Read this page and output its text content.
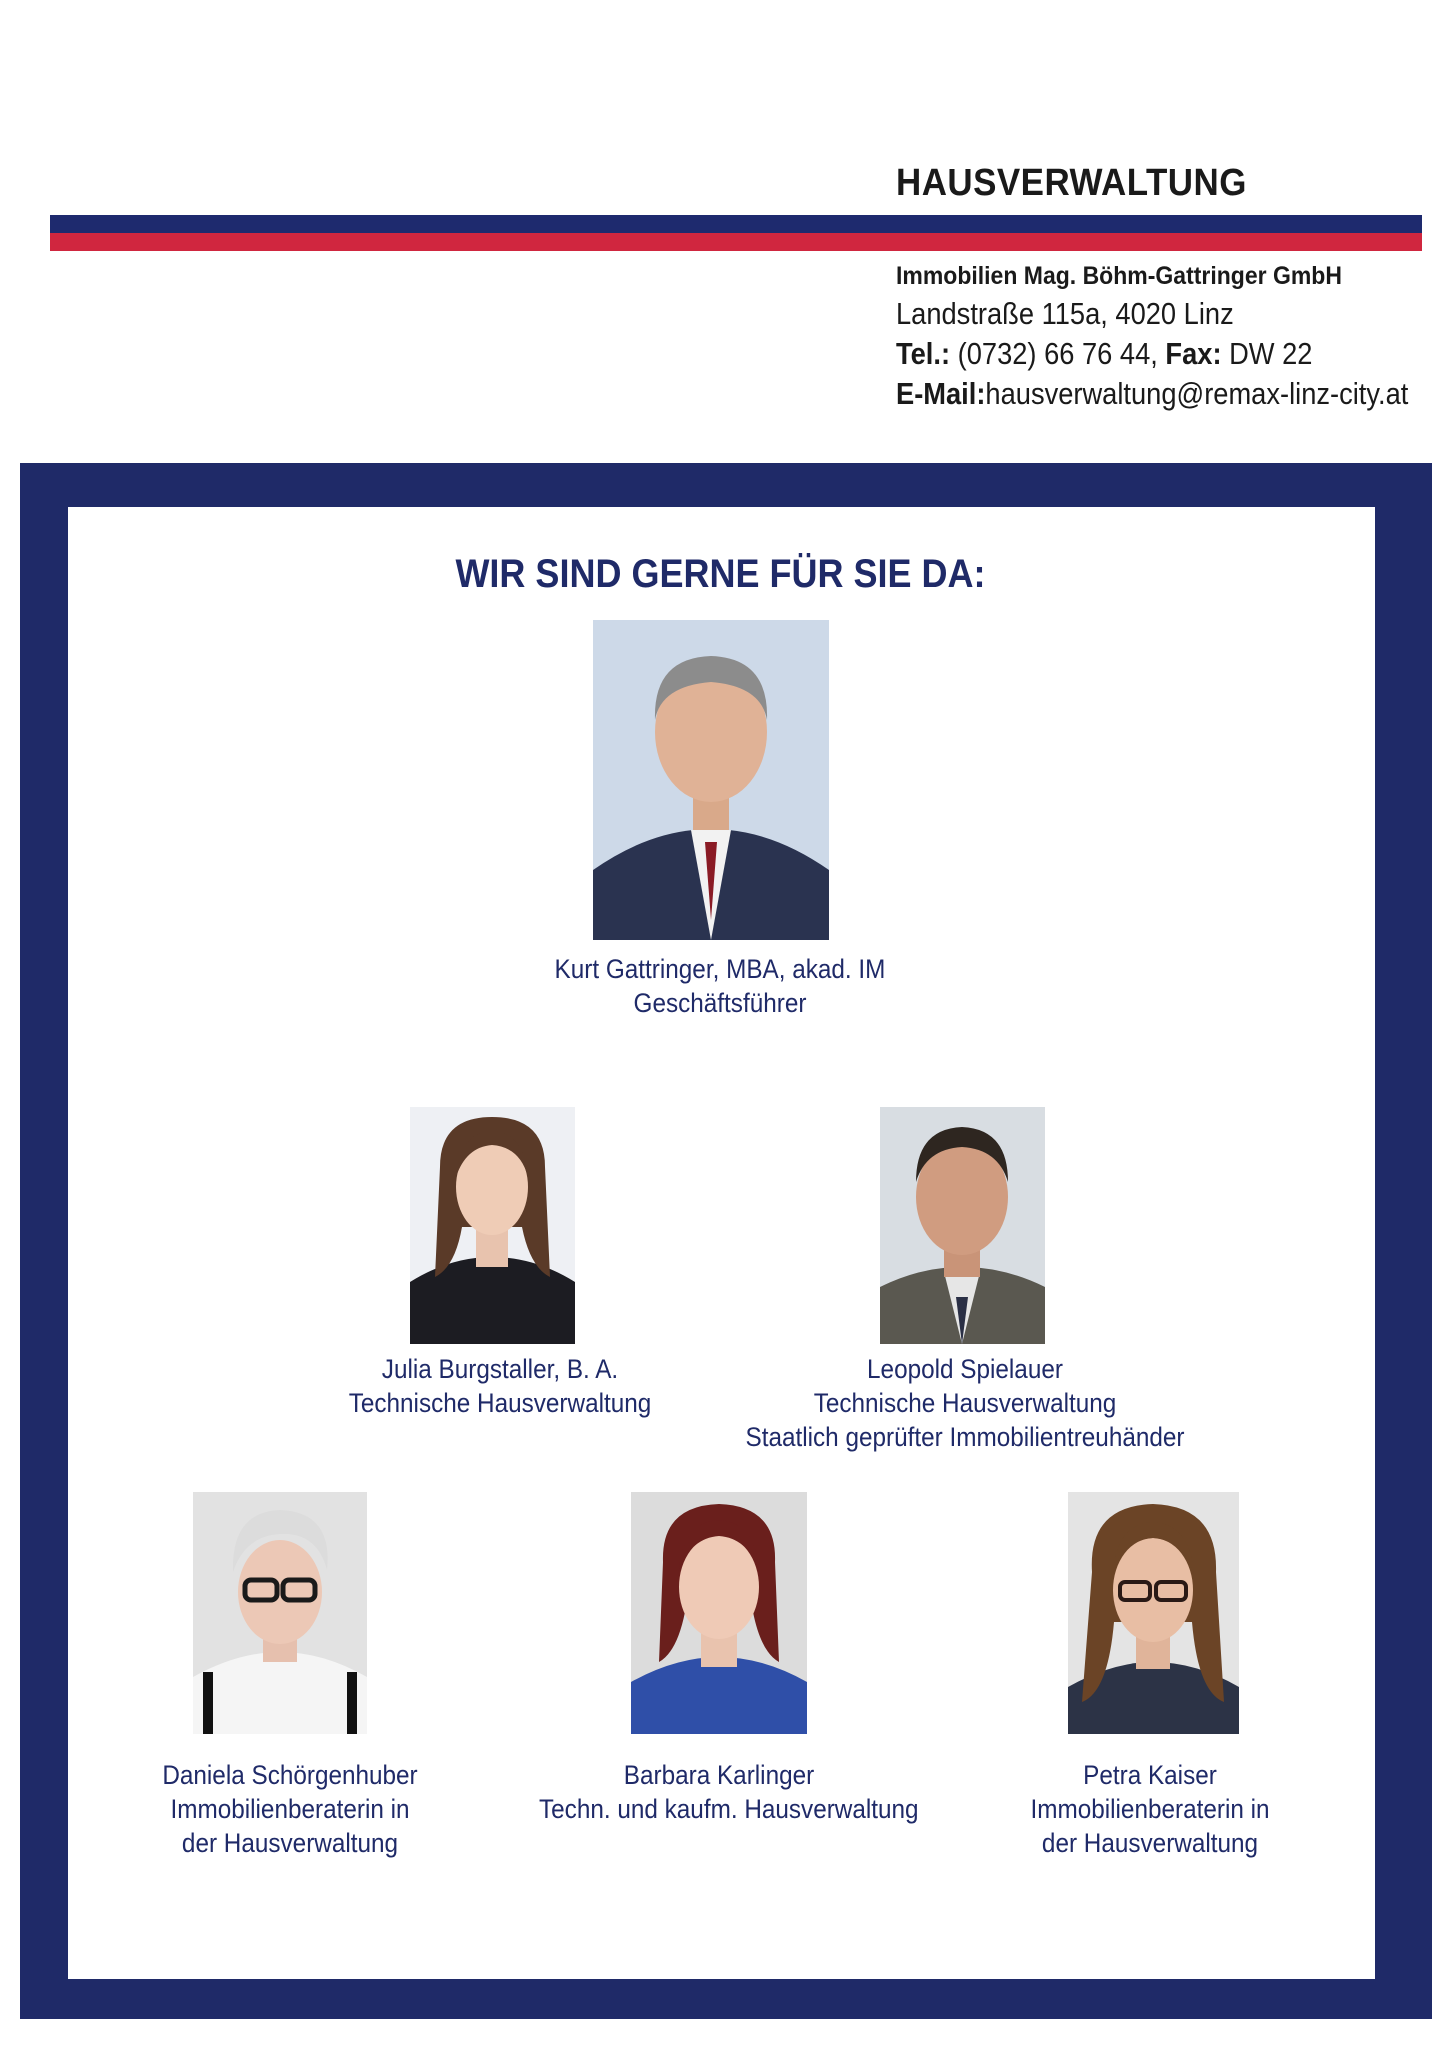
HAUSVERWALTUNG
Immobilien Mag. Böhm-Gattringer GmbH
Landstraße 115a, 4020 Linz
Tel.: (0732) 66 76 44, Fax: DW 22
E-Mail:hausverwaltung@remax-linz-city.at
WIR SIND GERNE FÜR SIE DA:
Kurt Gattringer, MBA, akad. IM
Geschäftsführer
Julia Burgstaller, B. A.
Technische Hausverwaltung
Leopold Spielauer
Technische Hausverwaltung
Staatlich geprüfter Immobilientreuhänder
Daniela Schörgenhuber
Immobilienberaterin in
der Hausverwaltung
Barbara Karlinger
Techn. und kaufm. Hausverwaltung
Petra Kaiser
Immobilienberaterin in
der Hausverwaltung
